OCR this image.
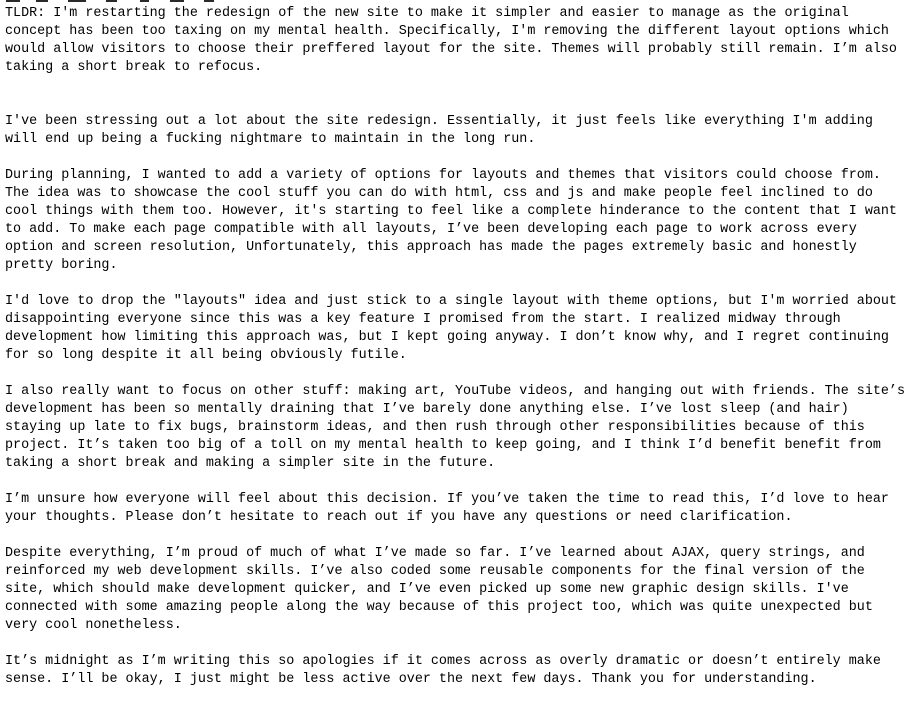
TLDR: I'm restarting the redesign of the new site to make it simpler and easier to manage as the original
concept has been too taxing on my mental health. Specifically, I'm removing the different layout options which
would allow visitors to choose their preffered layout for the site. Themes will probably still remain. I’m also
taking a short break to refocus.

I've been stressing out a lot about the site redesign. Essentially, it just feels like everything I'm adding
will end up being a fucking nightmare to maintain in the long run.

During planning, I wanted to add a variety of options for layouts and themes that visitors could choose from.
The idea was to showcase the cool stuff you can do with html, css and js and make people feel inclined to do
cool things with them too. However, it's starting to feel like a complete hinderance to the content that I want
to add. To make each page compatible with all layouts, I’ve been developing each page to work across every
option and screen resolution, Unfortunately, this approach has made the pages extremely basic and honestly
pretty boring.

I'd love to drop the "layouts" idea and just stick to a single layout with theme options, but I'm worried about
disappointing everyone since this was a key feature I promised from the start. I realized midway through
development how limiting this approach was, but I kept going anyway. I don’t know why, and I regret continuing
for so long despite it all being obviously futile.

I also really want to focus on other stuff: making art, YouTube videos, and hanging out with friends. The site’s
development has been so mentally draining that I’ve barely done anything else. I’ve lost sleep (and hair)
staying up late to fix bugs, brainstorm ideas, and then rush through other responsibilities because of this
project. It’s taken too big of a toll on my mental health to keep going, and I think I’d benefit benefit from
taking a short break and making a simpler site in the future.

I’m unsure how everyone will feel about this decision. If you’ve taken the time to read this, I’d love to hear
your thoughts. Please don’t hesitate to reach out if you have any questions or need clarification.

Despite everything, I’m proud of much of what I’ve made so far. I’ve learned about AJAX, query strings, and
reinforced my web development skills. I’ve also coded some reusable components for the final version of the
site, which should make development quicker, and I’ve even picked up some new graphic design skills. I've
connected with some amazing people along the way because of this project too, which was quite unexpected but
very cool nonetheless.

It’s midnight as I’m writing this so apologies if it comes across as overly dramatic or doesn’t entirely make
sense. I’ll be okay, I just might be less active over the next few days. Thank you for understanding.
